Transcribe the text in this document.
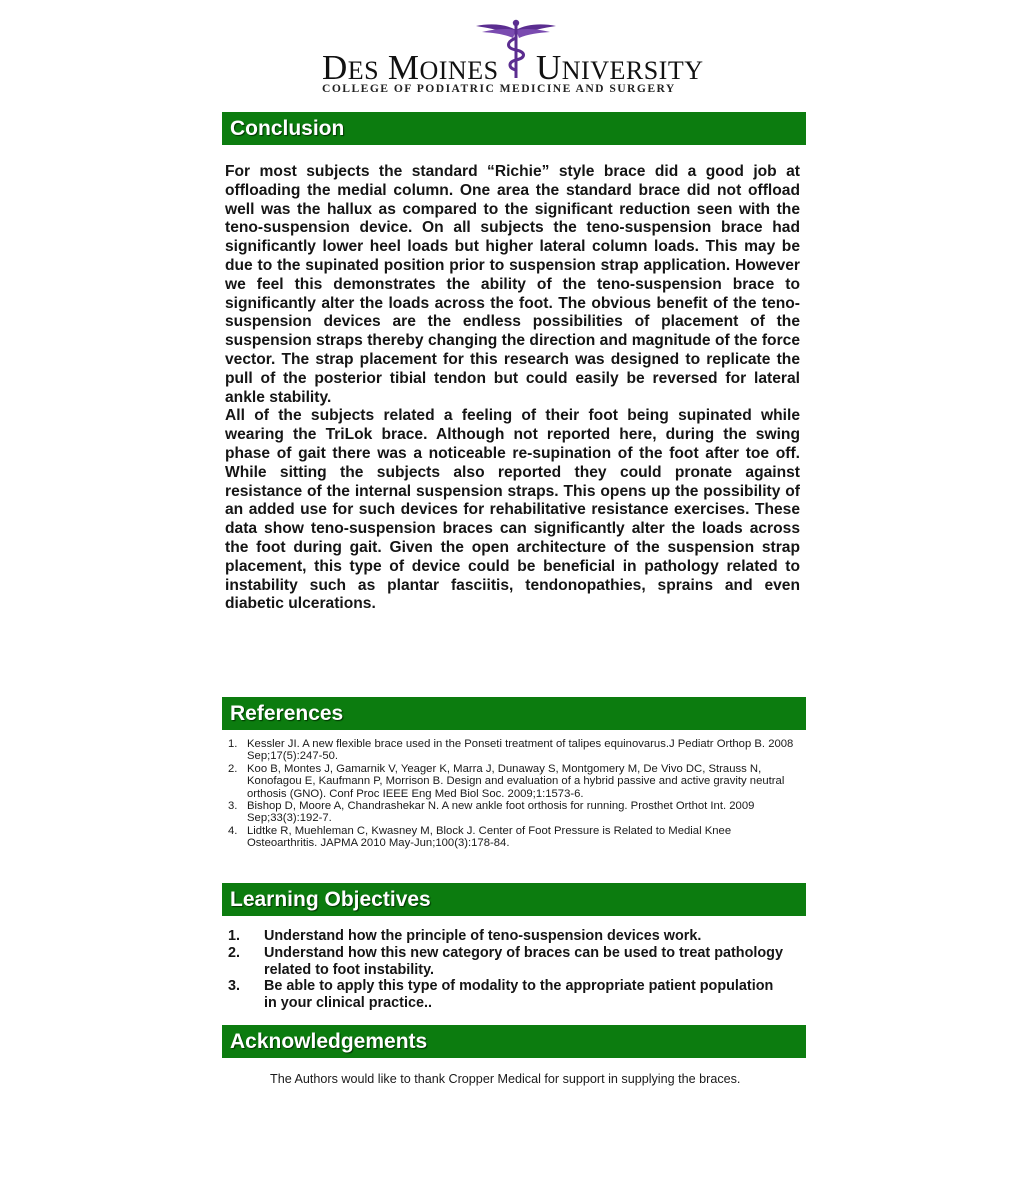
DES MOINES UNIVERSITY
COLLEGE OF PODIATRIC MEDICINE AND SURGERY
Conclusion

For most subjects the standard “Richie” style brace did a good job at offloading the medial column. One area the standard brace did not offload well was the hallux as compared to the significant reduction seen with the teno-suspension device. On all subjects the teno-suspension brace had significantly lower heel loads but higher lateral column loads. This may be due to the supinated position prior to suspension strap application. However we feel this demonstrates the ability of the teno-suspension brace to significantly alter the loads across the foot. The obvious benefit of the teno-suspension devices are the endless possibilities of placement of the suspension straps thereby changing the direction and magnitude of the force vector. The strap placement for this research was designed to replicate the pull of the posterior tibial tendon but could easily be reversed for lateral ankle stability.

All of the subjects related a feeling of their foot being supinated while wearing the TriLok brace. Although not reported here, during the swing phase of gait there was a noticeable re-supination of the foot after toe off. While sitting the subjects also reported they could pronate against resistance of the internal suspension straps. This opens up the possibility of an added use for such devices for rehabilitative resistance exercises. These data show teno-suspension braces can significantly alter the loads across the foot during gait. Given the open architecture of the suspension strap placement, this type of device could be beneficial in pathology related to instability such as plantar fasciitis, tendonopathies, sprains and even diabetic ulcerations.

References
1. Kessler JI. A new flexible brace used in the Ponseti treatment of talipes equinovarus.J Pediatr Orthop B. 2008 Sep;17(5):247-50.
2. Koo B, Montes J, Gamarnik V, Yeager K, Marra J, Dunaway S, Montgomery M, De Vivo DC, Strauss N, Konofagou E, Kaufmann P, Morrison B. Design and evaluation of a hybrid passive and active gravity neutral orthosis (GNO). Conf Proc IEEE Eng Med Biol Soc. 2009;1:1573-6.
3. Bishop D, Moore A, Chandrashekar N. A new ankle foot orthosis for running. Prosthet Orthot Int. 2009 Sep;33(3):192-7.
4. Lidtke R, Muehleman C, Kwasney M, Block J. Center of Foot Pressure is Related to Medial Knee Osteoarthritis. JAPMA 2010 May-Jun;100(3):178-84.
Learning Objectives
1. Understand how the principle of teno-suspension devices work.
2. Understand how this new category of braces can be used to treat pathology related to foot instability.
3. Be able to apply this type of modality to the appropriate patient population in your clinical practice..
Acknowledgements
The Authors would like to thank Cropper Medical for support in supplying the braces.
